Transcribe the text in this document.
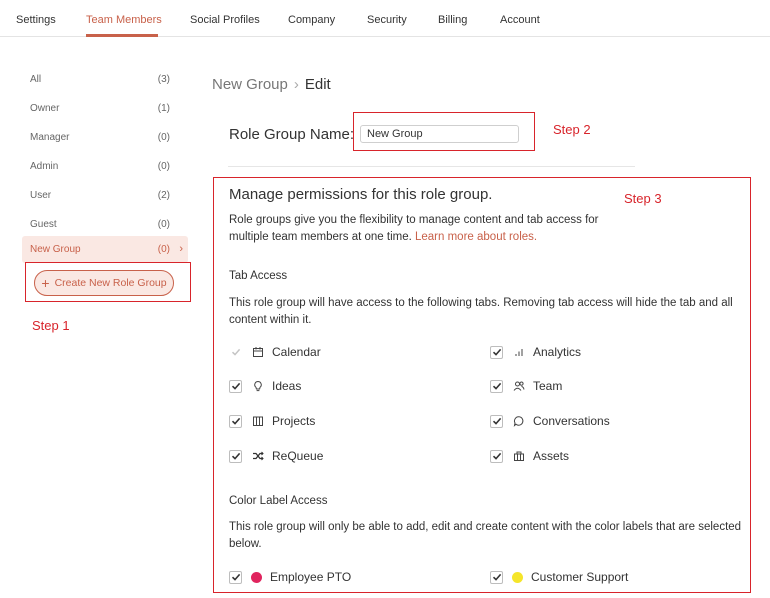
Settings	Team Members	Social Profiles	Company	Security	Billing	Account
All	(3)
Owner	(1)
Manager	(0)
Admin	(0)
User	(2)
Guest	(0)
New Group	(0) ›
+ Create New Role Group
Step 1
Step 2
Step 3
New Group › Edit
Role Group Name:
New Group
Manage permissions for this role group.
Role groups give you the flexibility to manage content and tab access for multiple team members at one time. Learn more about roles.
Tab Access
This role group will have access to the following tabs. Removing tab access will hide the tab and all content within it.
Calendar	Analytics
Ideas	Team
Projects	Conversations
ReQueue	Assets
Color Label Access
This role group will only be able to add, edit and create content with the color labels that are selected below.
Employee PTO	Customer Support
